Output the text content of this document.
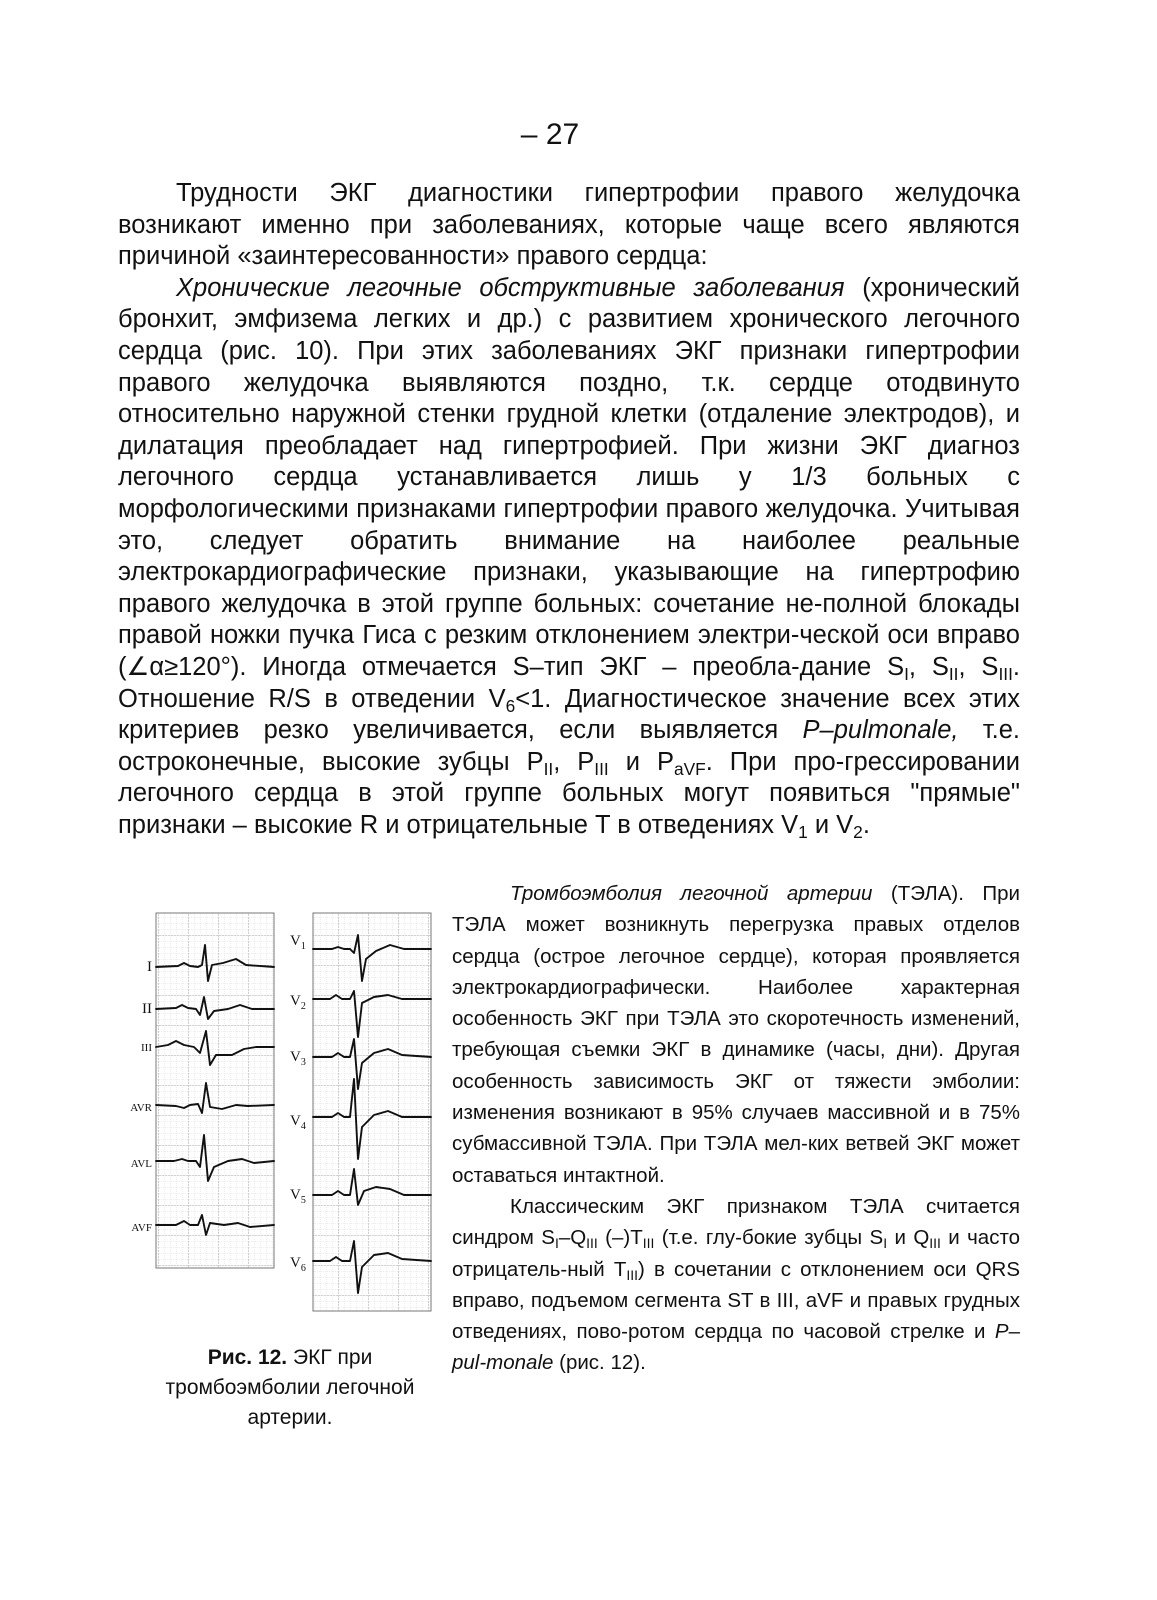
– 27

Трудности ЭКГ диагностики гипертрофии правого желудочка возникают именно при заболеваниях, которые чаще всего являются причиной «заинтересованности» правого сердца:

Хронические легочные обструктивные заболевания (хронический бронхит, эмфизема легких и др.) с развитием хронического легочного сердца (рис. 10). При этих заболеваниях ЭКГ признаки гипертрофии правого желудочка выявляются поздно, т.к. сердце отодвинуто относительно наружной стенки грудной клетки (отдаление электродов), и дилатация преобладает над гипертрофией. При жизни ЭКГ диагноз легочного сердца устанавливается лишь у 1/3 больных с морфологическими признаками гипертрофии правого желудочка. Учитывая это, следует обратить внимание на наиболее реальные электрокардиографические признаки, указывающие на гипертрофию правого желудочка в этой группе больных: сочетание не-полной блокады правой ножки пучка Гиса с резким отклонением электри-ческой оси вправо (∠α≥120°). Иногда отмечается S–тип ЭКГ – преобла-дание $S_I$, $S_{II}$, $S_{III}$. Отношение R/S в отведении $V_6<1$. Диагностическое значение всех этих критериев резко увеличивается, если выявляется P–pulmonale, т.е. остроконечные, высокие зубцы $P_{II}$, $P_{III}$ и $P_{aVF}$. При про-грессировании легочного сердца в этой группе больных могут появиться "прямые" признаки – высокие R и отрицательные T в отведениях $V_1$ и $V_2$.

I
II
III
AVR
AVL
AVF
$V_1$
$V_2$
$V_3$
$V_4$
$V_5$
$V_6$
Рис. 12. ЭКГ при тромбоэмболии легочной артерии.

Тромбоэмболия легочной артерии (ТЭЛА). При ТЭЛА может возникнуть перегрузка правых отделов сердца (острое легочное сердце), которая проявляется электрокардиографически. Наиболее характерная особенность ЭКГ при ТЭЛА это скоротечность изменений, требующая съемки ЭКГ в динамике (часы, дни). Другая особенность зависимость ЭКГ от тяжести эмболии: изменения возникают в 95% случаев массивной и в 75% субмассивной ТЭЛА. При ТЭЛА мел-ких ветвей ЭКГ может оставаться интактной.

Классическим ЭКГ признаком ТЭЛА считается синдром $S_I-Q_{III}$ $(-)T_{III}$ (т.е. глу-бокие зубцы $S_I$ и $Q_{III}$ и часто отрицатель-ный $T_{III}$) в сочетании с отклонением оси QRS вправо, подъемом сегмента ST в III, aVF и правых грудных отведениях, пово-ротом сердца по часовой стрелке и P–pul-monale (рис. 12).
